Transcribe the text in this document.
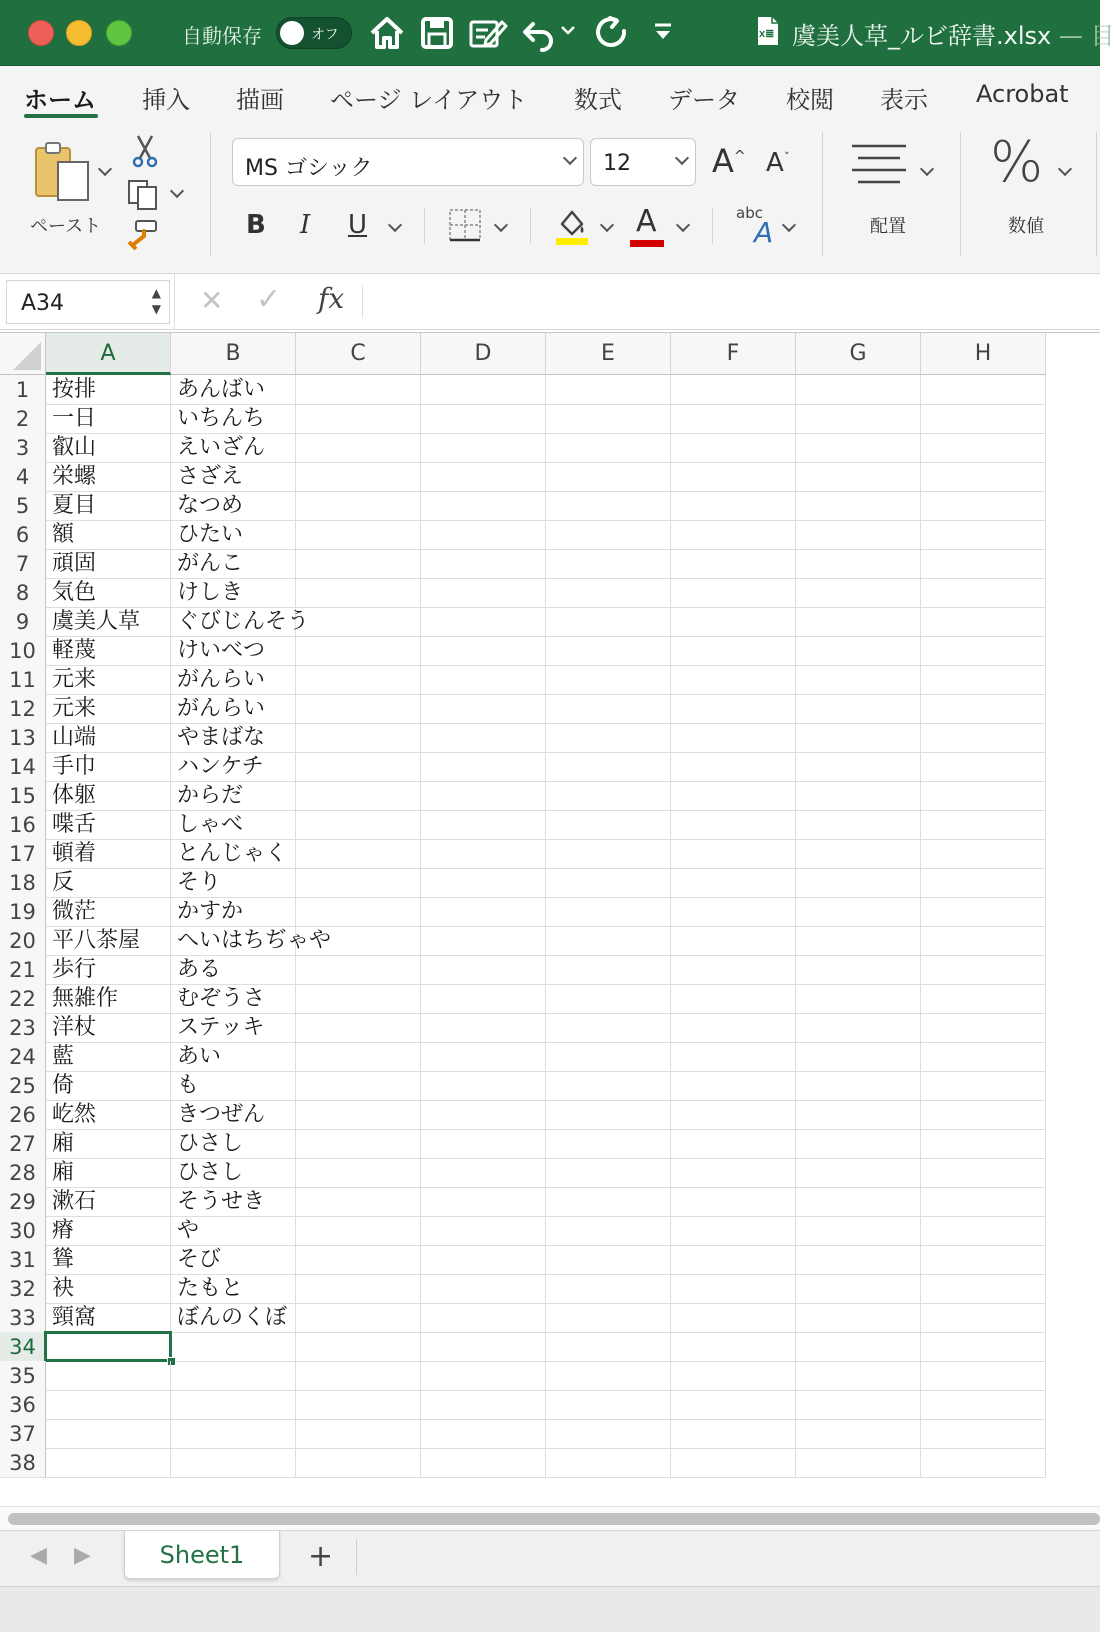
自動保存	オフ	x≣ 虞美人草_ルビ辞書.xlsx — 目
ホーム 挿入 描画 ページ レイアウト 数式 データ 校閲 表示 Acrobat
ペースト
MS ゴシック	12	A^ $A^ˇ$
B I U	A	abc
A	配置
%
数値
A34	▲
▼ ✕ ✓ fx
A	B	C	D	E	F	G	H
1	按排	あんばい
2	一日	いちんち
3	叡山	えいざん
4	栄螺	さざえ
5	夏目	なつめ
6	額	ひたい
7	頑固	がんこ
8	気色	けしき
9	虞美人草	ぐびじんそう
10 軽蔑	けいべつ
11 元来	がんらい
12 元来	がんらい
13 山端	やまばな
14 手巾	ハンケチ
15 体躯	からだ
16 喋舌	しゃべ
17 頓着	とんじゃく
18 反	そり
19 微茫	かすか
20 平八茶屋	へいはちぢゃや
21 歩行	ある
22 無雑作	むぞうさ
23 洋杖	ステッキ
24 藍	あい
25 倚	も
26 屹然	きつぜん
27 廂	ひさし
28 廂	ひさし
29 漱石	そうせき
30 瘠	や
31 聳	そび
32 袂	たもと
33 頸窩	ぼんのくぼ
34
35
36
37
38
◀ ▶	Sheet1	+
